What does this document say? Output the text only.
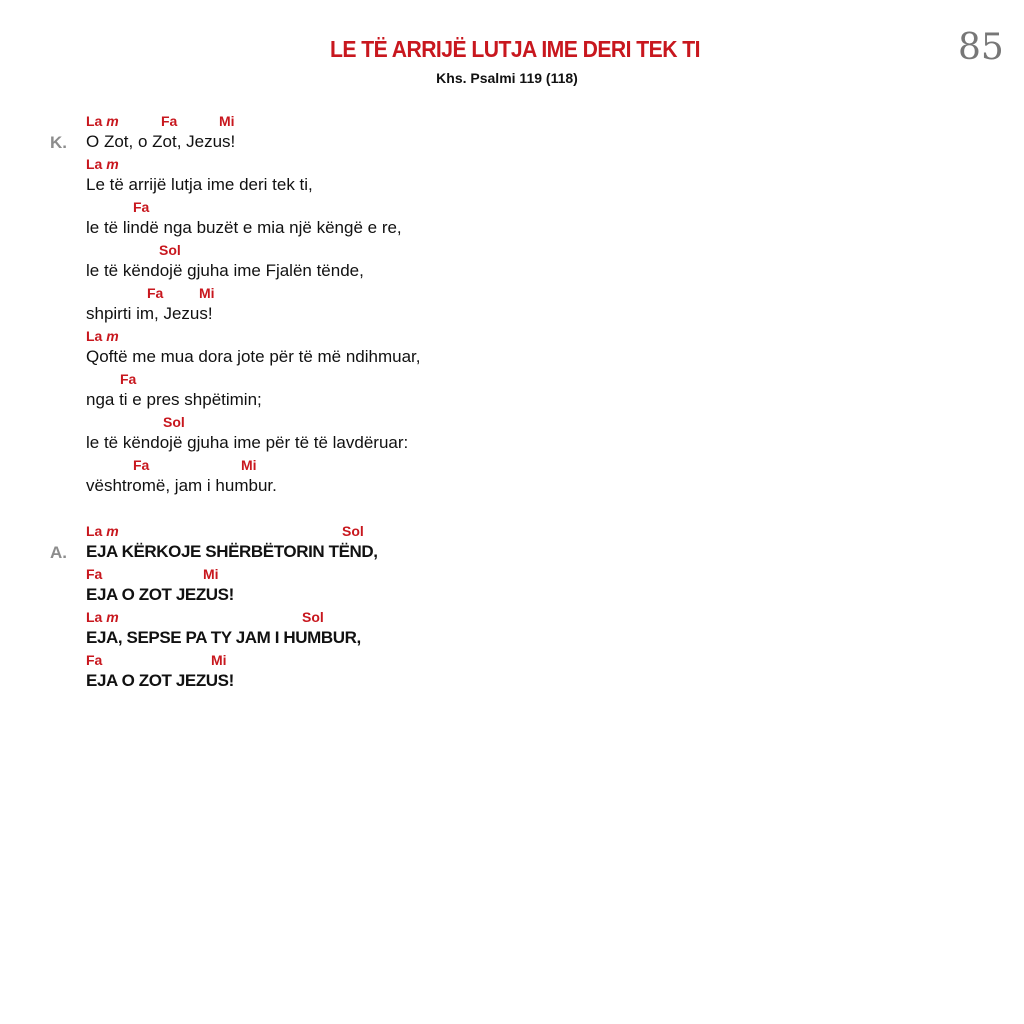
LE TË ARRIJË LUTJA IME DERI TEK TI
Khs. Psalmi 119 (118)
85
K.
La m	Fa	Mi
O Zot, o Zot, Jezus!
La m
Le të arrijë lutja ime deri tek ti,
Fa
le të lindë nga buzët e mia një këngë e re,
Sol
le të këndojë gjuha ime Fjalën tënde,
Fa	Mi
shpirti im, Jezus!
La m
Qoftë me mua dora jote për të më ndihmuar,
Fa
nga ti e pres shpëtimin;
Sol
le të këndojë gjuha ime për të të lavdëruar:
Fa	Mi
vështromë, jam i humbur.
A.
La m	Sol
EJA KËRKOJE SHËRBËTORIN TËND,
Fa	Mi
EJA O ZOT JEZUS!
La m	Sol
EJA, SEPSE PA TY JAM I HUMBUR,
Fa	Mi
EJA O ZOT JEZUS!
